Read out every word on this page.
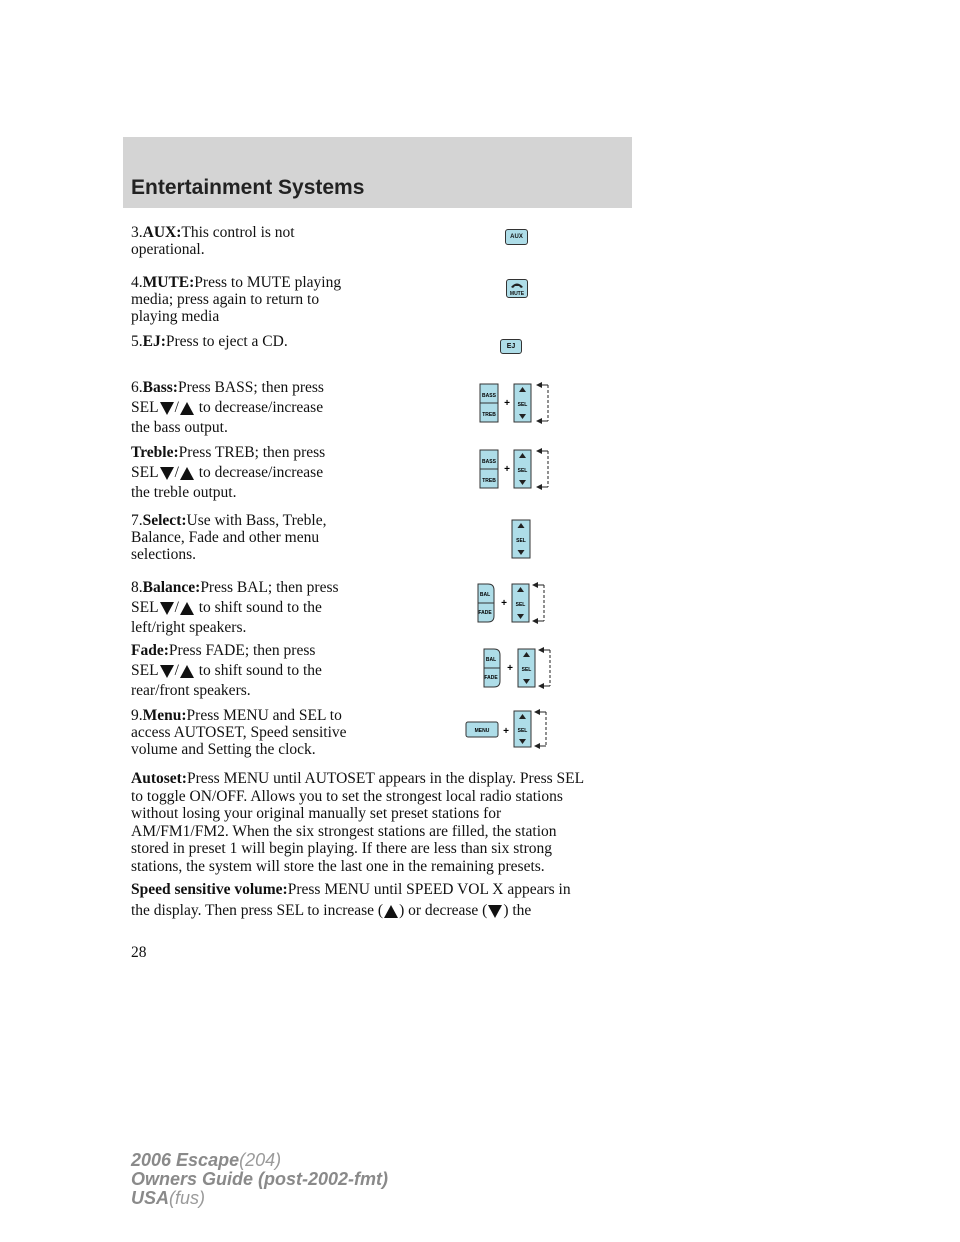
Entertainment Systems
3.AUX:This control is not
operational.
AUX
4.MUTE:Press to MUTE playing
media; press again to return to
playing media
MUTE
5.EJ:Press to eject a CD.	EJ
6.Bass:Press BASS; then press
SEL / to decrease/increase
the bass output.
BASS
TREB
+ SEL
Treble:Press TREB; then press
SEL / to decrease/increase
the treble output.
BASS
TREB
+ SEL
7.Select:Use with Bass, Treble,
Balance, Fade and other menu
selections.
SEL
8.Balance:Press BAL; then press
SEL / to shift sound to the
left/right speakers.
BAL
FADE
+ SEL
Fade:Press FADE; then press
SEL / to shift sound to the
rear/front speakers.
BAL
FADE
+ SEL
9.Menu:Press MENU and SEL to
access AUTOSET, Speed sensitive
volume and Setting the clock.
MENU + SEL
Autoset:Press MENU until AUTOSET appears in the display. Press SEL
to toggle ON/OFF. Allows you to set the strongest local radio stations
without losing your original manually set preset stations for
AM/FM1/FM2. When the six strongest stations are filled, the station
stored in preset 1 will begin playing. If there are less than six strong
stations, the system will store the last one in the remaining presets.
Speed sensitive volume:Press MENU until SPEED VOL X appears in
the display. Then press SEL to increase ( ) or decrease ( ) the
28
2006 Escape(204)
Owners Guide (post-2002-fmt)
USA(fus)
